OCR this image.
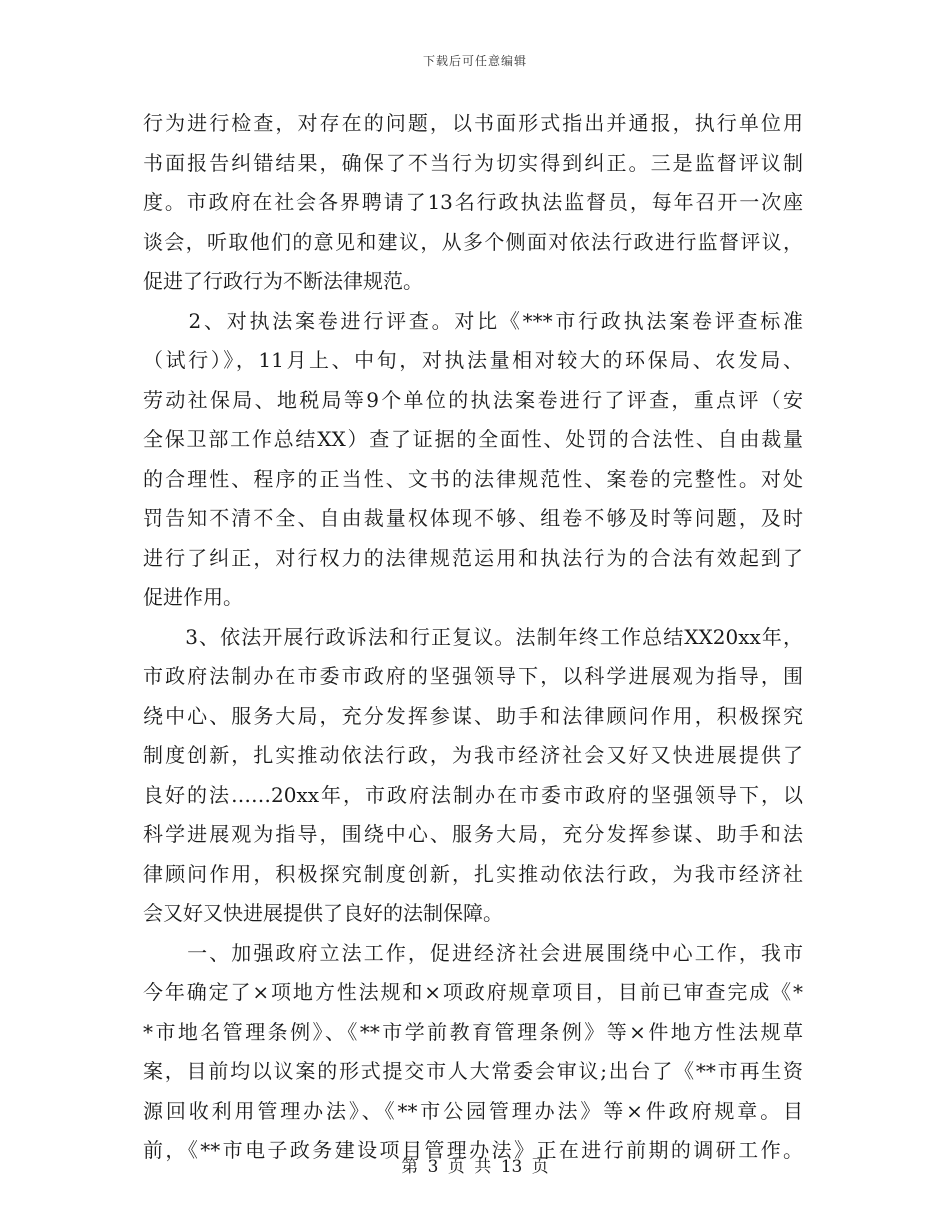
下载后可任意编辑
行为进行检查，对存在的问题，以书面形式指出并通报，执行单位用
书面报告纠错结果，确保了不当行为切实得到纠正。三是监督评议制
度。市政府在社会各界聘请了13名行政执法监督员，每年召开一次座
谈会，听取他们的意见和建议，从多个侧面对依法行政进行监督评议，
促进了行政行为不断法律规范。
　　2、对执法案卷进行评查。对比《***市行政执法案卷评查标准
（试行）》，11月上、中旬，对执法量相对较大的环保局、农发局、
劳动社保局、地税局等9个单位的执法案卷进行了评查，重点评（安
全保卫部工作总结XX）查了证据的全面性、处罚的合法性、自由裁量
的合理性、程序的正当性、文书的法律规范性、案卷的完整性。对处
罚告知不清不全、自由裁量权体现不够、组卷不够及时等问题，及时
进行了纠正，对行权力的法律规范运用和执法行为的合法有效起到了
促进作用。
　　3、依法开展行政诉法和行正复议。法制年终工作总结XX20xx年，
市政府法制办在市委市政府的坚强领导下，以科学进展观为指导，围
绕中心、服务大局，充分发挥参谋、助手和法律顾问作用，积极探究
制度创新，扎实推动依法行政，为我市经济社会又好又快进展提供了
良好的法……20xx年，市政府法制办在市委市政府的坚强领导下，以
科学进展观为指导，围绕中心、服务大局，充分发挥参谋、助手和法
律顾问作用，积极探究制度创新，扎实推动依法行政，为我市经济社
会又好又快进展提供了良好的法制保障。
　　一、加强政府立法工作，促进经济社会进展围绕中心工作，我市
今年确定了×项地方性法规和×项政府规章项目，目前已审查完成《*
*市地名管理条例》、《**市学前教育管理条例》等×件地方性法规草
案，目前均以议案的形式提交市人大常委会审议;出台了《**市再生资
源回收利用管理办法》、《**市公园管理办法》等×件政府规章。目
前，《**市电子政务建设项目管理办法》正在进行前期的调研工作。
第 3 页 共 13 页
